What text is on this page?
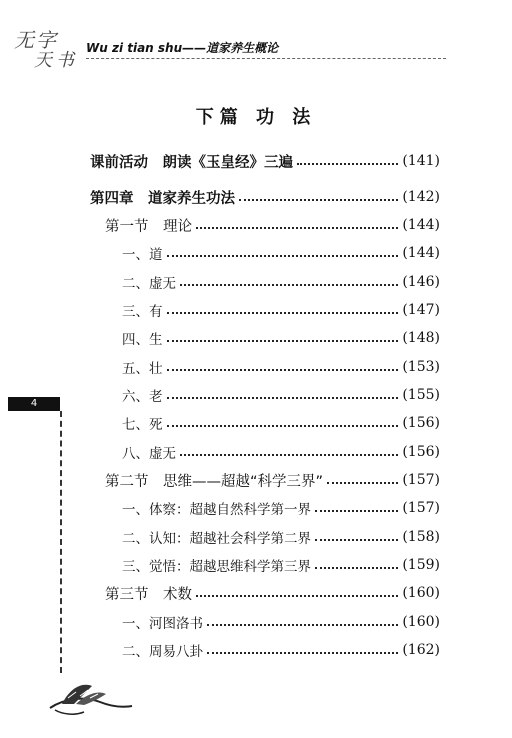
无字
天书
Wu zi tian shu——道家养生概论
下篇 功 法
课前活动　朗读《玉皇经》三遍	(141)
第四章　道家养生功法	(142)
第一节　理论	(144)
一、道	(144)
二、虚无	(146)
三、有	(147)
四、生	(148)
五、壮	(153)
六、老	(155)
七、死	(156)
八、虚无	(156)
第二节　思维——超越“科学三界”	(157)
一、体察：超越自然科学第一界	(157)
二、认知：超越社会科学第二界	(158)
三、觉悟：超越思维科学第三界	(159)
第三节　术数	(160)
一、河图洛书	(160)
二、周易八卦	(162)
4
